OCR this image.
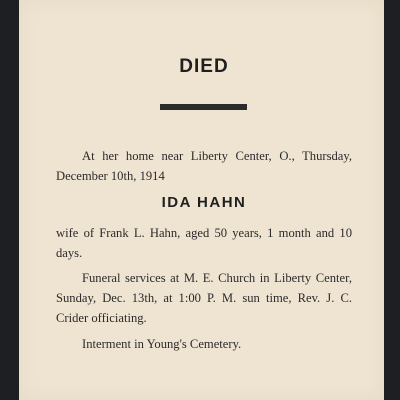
DIED
At her home near Liberty Center, O., Thursday, December 10th, 1914
IDA HAHN
wife of Frank L. Hahn, aged 50 years, 1 month and 10 days.
Funeral services at M. E. Church in Liberty Center, Sunday, Dec. 13th, at 1:00 P. M. sun time, Rev. J. C. Crider officiating.
Interment in Young's Cemetery.
